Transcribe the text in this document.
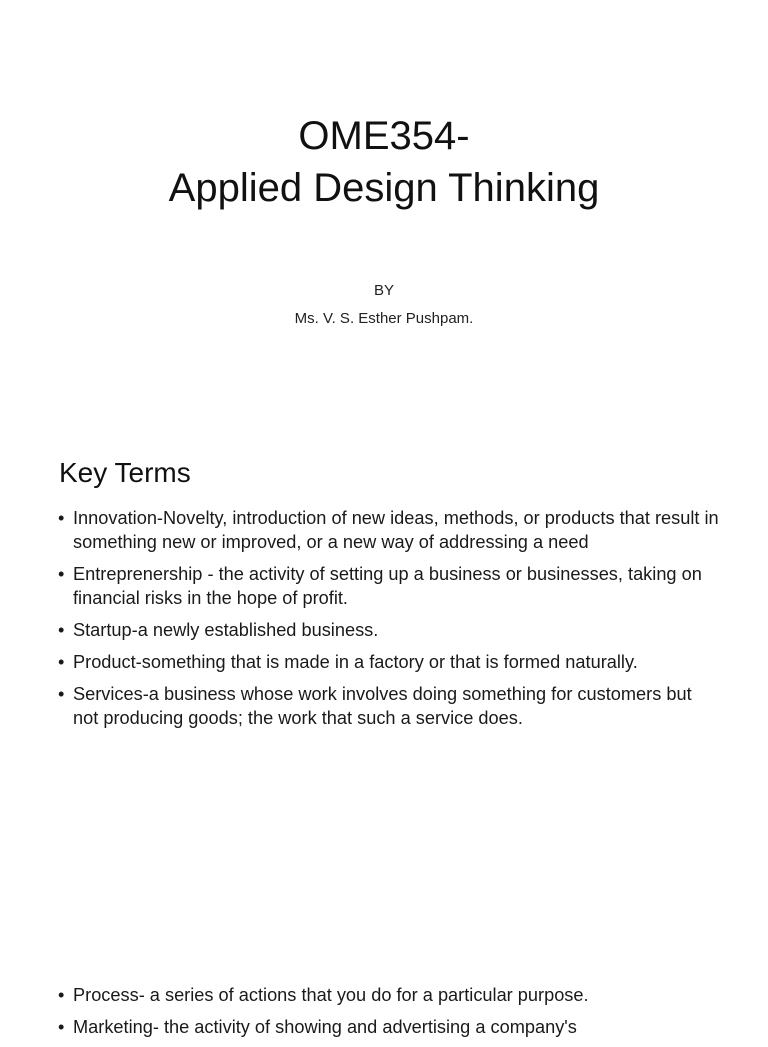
OME354-
Applied Design Thinking
BY
Ms. V. S. Esther Pushpam.
Key Terms
• Innovation-Novelty, introduction of new ideas, methods, or products that result in something new or improved, or a new way of addressing a need
• Entreprenership - the activity of setting up a business or businesses, taking on financial risks in the hope of profit.
• Startup-a newly established business.
• Product-something that is made in a factory or that is formed naturally.
• Services-a business whose work involves doing something for customers but not producing goods; the work that such a service does.
• Process- a series of actions that you do for a particular purpose.
• Marketing- the activity of showing and advertising a company's
